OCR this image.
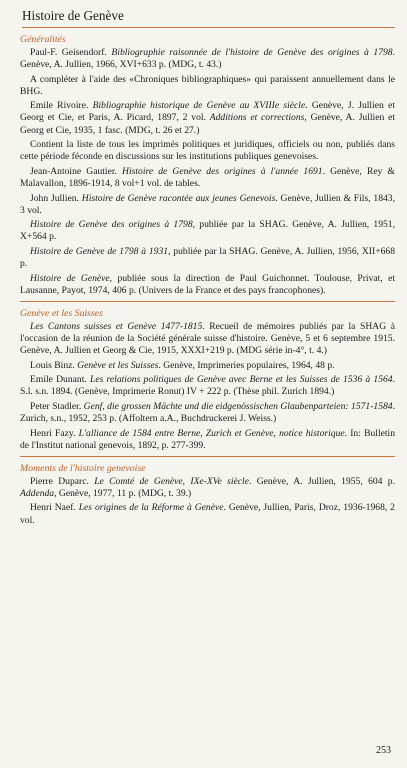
Histoire de Genève
Généralités
Paul-F. Geisendorf. Bibliographie raisonnée de l'histoire de Genève des origines à 1798. Genève, A. Jullien, 1966, XVI+633 p. (MDG, t. 43.)
A compléter à l'aide des «Chroniques bibliographiques» qui paraissent annuellement dans le BHG.
Emile Rivoire. Bibliographie historique de Genève au XVIIIe siècle. Genève, J. Jullien et Georg et Cie, et Paris, A. Picard, 1897, 2 vol. Additions et corrections, Genève, A. Jullien et Georg et Cie, 1935, 1 fasc. (MDG, t. 26 et 27.)
Contient la liste de tous les imprimés politiques et juridiques, officiels ou non, publiés dans cette période féconde en discussions sur les institutions publiques genevoises.
Jean-Antoine Gautier. Histoire de Genève des origines à l'année 1691. Genève, Rey & Malavallon, 1896-1914, 8 vol+1 vol. de tables.
John Jullien. Histoire de Genève racontée aux jeunes Genevois. Genève, Jullien & Fils, 1843, 3 vol.
Histoire de Genève des origines à 1798, publiée par la SHAG. Genève, A. Jullien, 1951, X+564 p.
Histoire de Genève de 1798 à 1931, publiée par la SHAG. Genève, A. Jullien, 1956, XII+668 p.
Histoire de Genève, publiée sous la direction de Paul Guichonnet. Toulouse, Privat, et Lausanne, Payot, 1974, 406 p. (Univers de la France et des pays francophones).
Genève et les Suisses
Les Cantons suisses et Genève 1477-1815. Recueil de mémoires publiés par la SHAG à l'occasion de la réunion de la Société générale suisse d'histoire. Genève, 5 et 6 septembre 1915. Genève, A. Jullien et Georg & Cie, 1915, XXXI+219 p. (MDG série in-4°, t. 4.)
Louis Binz. Genève et les Suisses. Genève, Imprimeries populaires, 1964, 48 p.
Emile Dunant. Les relations politiques de Genève avec Berne et les Suisses de 1536 à 1564. S.l. s.n. 1894. (Genève, Imprimerie Ronut) IV + 222 p. (Thèse phil. Zurich 1894.)
Peter Stadler. Genf, die grossen Mächte und die eidgenössischen Glaubenparteien: 1571-1584. Zurich, s.n., 1952, 253 p. (Affoltern a.A., Buchdruckerei J. Weiss.)
Henri Fazy. L'alliance de 1584 entre Berne, Zurich et Genève, notice historique. In: Bulletin de l'Institut national genevois, 1892, p. 277-399.
Moments de l'histoire genevoise
Pierre Duparc. Le Comté de Genève, IXe-XVe siècle. Genève, A. Jullien, 1955, 604 p. Addenda, Genève, 1977, 11 p. (MDG, t. 39.)
Henri Naef. Les origines de la Réforme à Genève. Genève, Jullien, Paris, Droz, 1936-1968, 2 vol.
253
